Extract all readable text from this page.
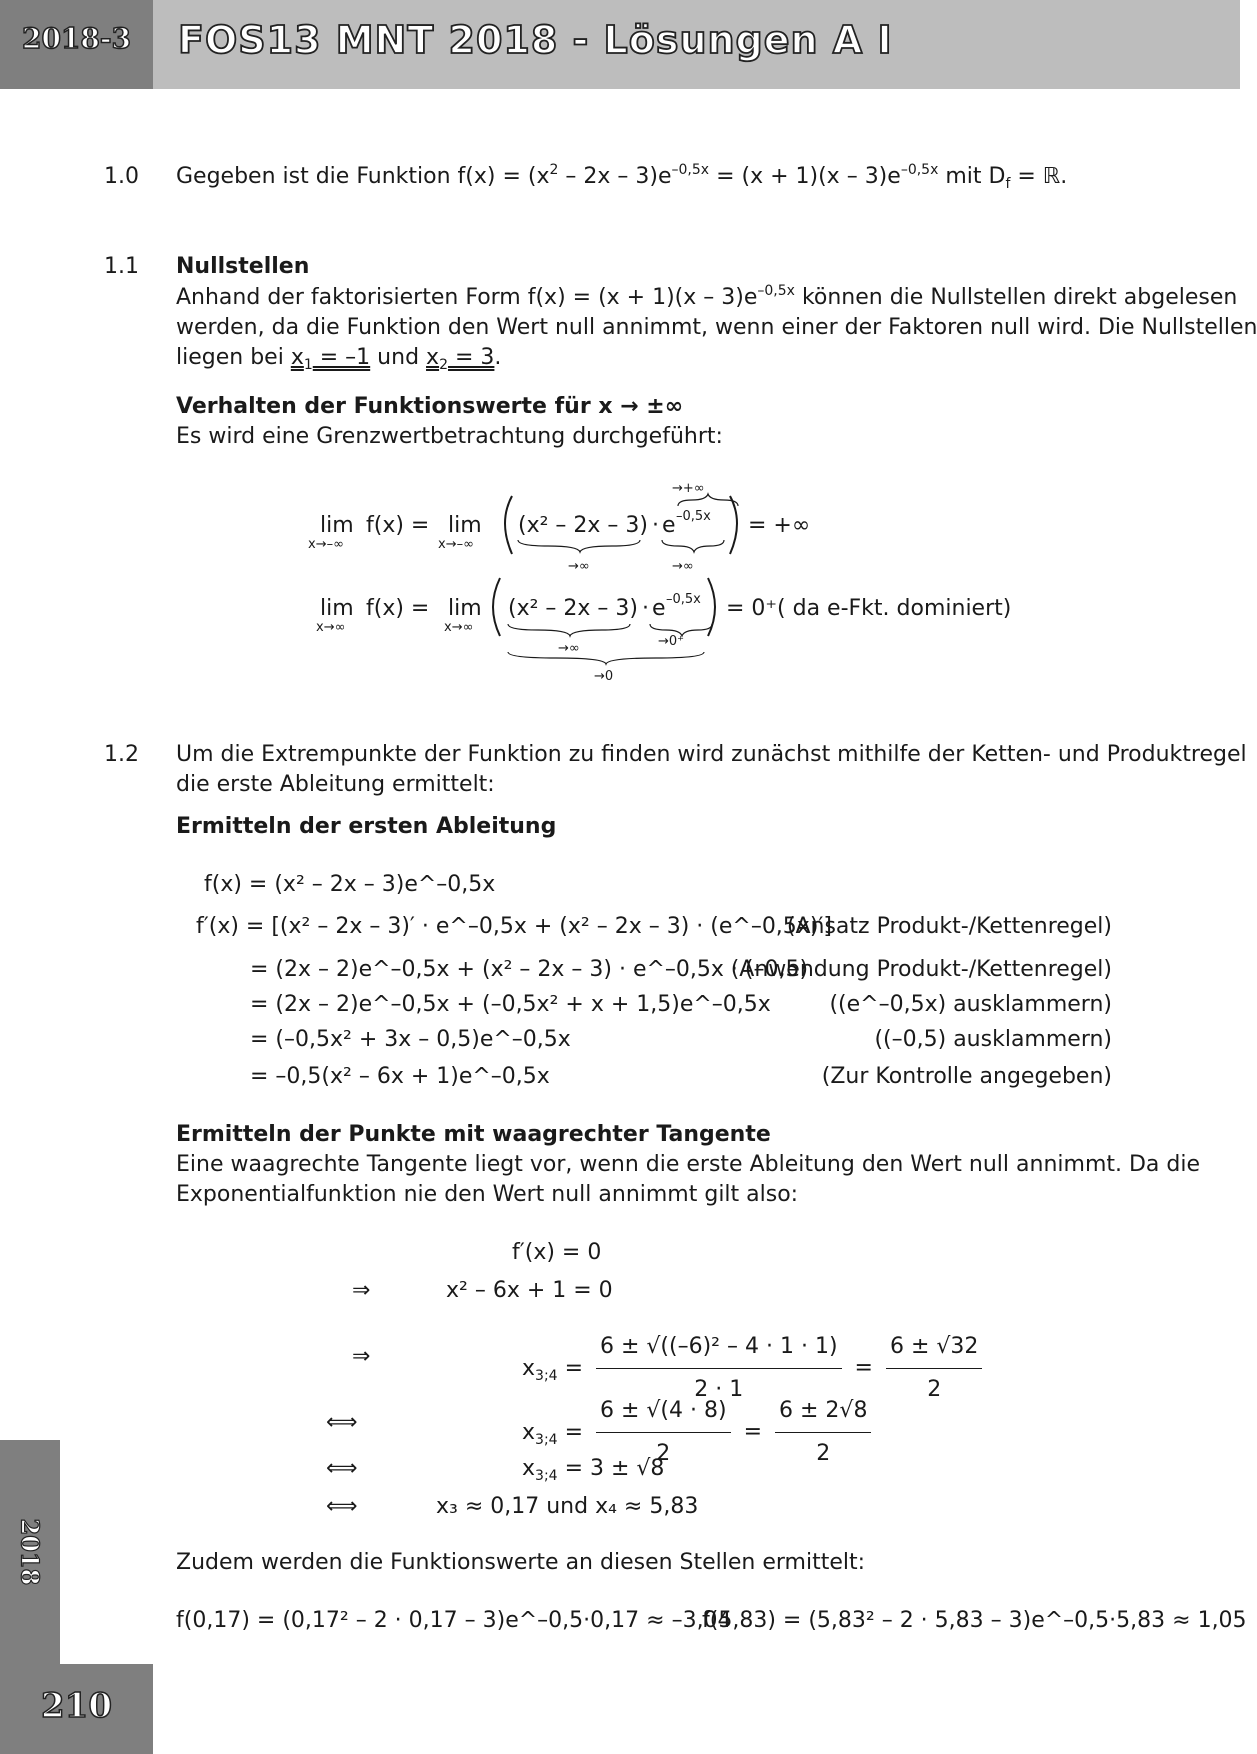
2018-3	FOS13 MNT 2018 - Lösungen A I
2018
210
1.0 Gegeben ist die Funktion $f(x) = (x^2 - 2x - 3)e^{-0,5x} = (x + 1)(x - 3)e^{-0,5x}$ mit $D_f$ = ℝ.
1.1 Nullstellen
Anhand der faktorisierten Form $f(x) = (x + 1)(x - 3)e^{-0,5x}$ können die Nullstellen direkt abgelesen
werden, da die Funktion den Wert null annimmt, wenn einer der Faktoren null wird. Die Nullstellen
liegen bei $x_1 = -1$ und $x_2 = 3$.
Verhalten der Funktionswerte für x → ±∞
Es wird eine Grenzwertbetrachtung durchgeführt:
lim
x→–∞
f(x) = lim
x→–∞
(x² – 2x – 3) · e –0,5x = +∞
→+∞
→∞	→∞
lim
x→∞
f(x) = lim
x→∞
(x² – 2x – 3) · e –0,5x = 0⁺( da e-Fkt. dominiert)
→∞	→0⁺
→0
1.2 Um die Extrempunkte der Funktion zu finden wird zunächst mithilfe der Ketten- und Produktregel
die erste Ableitung ermittelt:
Ermitteln der ersten Ableitung
f(x) = (x² – 2x – 3)e^–0,5x
f′(x) = [(x² – 2x – 3)′ · e^–0,5x + (x² – 2x – 3) · (e^–0,5x)′]
= (2x – 2)e^–0,5x + (x² – 2x – 3) · e^–0,5x · (–0,5)
= (2x – 2)e^–0,5x + (–0,5x² + x + 1,5)e^–0,5x
= (–0,5x² + 3x – 0,5)e^–0,5x
= –0,5(x² – 6x + 1)e^–0,5x
(Ansatz Produkt-/Kettenregel)
(Anwendung Produkt-/Kettenregel)
((e^–0,5x) ausklammern)
((–0,5) ausklammern)
(Zur Kontrolle angegeben)
Ermitteln der Punkte mit waagrechter Tangente
Eine waagrechte Tangente liegt vor, wenn die erste Ableitung den Wert null annimmt. Da die
Exponentialfunktion nie den Wert null annimmt gilt also:
f′(x) = 0
⇒	x² – 6x + 1 = 0
⇒	$x_{3;4} = \frac{\text{6 ± √((–6)² – 4 · 1 · 1)}}{2 \cdot 1} = \frac{6 \pm √32}{2}$
⟺	$x_{3;4} = \frac{6 \pm √(4 \cdot 8)}{2} = \frac{6 \pm 2√8}{2}$
⟺	$x_{3;4} = 3 \pm √8$
⟺	x₃ ≈ 0,17 und x₄ ≈ 5,83
Zudem werden die Funktionswerte an diesen Stellen ermittelt:
f(0,17) = (0,17² – 2 · 0,17 – 3)e^–0,5·0,17 ≈ –3,04
f(5,83) = (5,83² – 2 · 5,83 – 3)e^–0,5·5,83 ≈ 1,05
